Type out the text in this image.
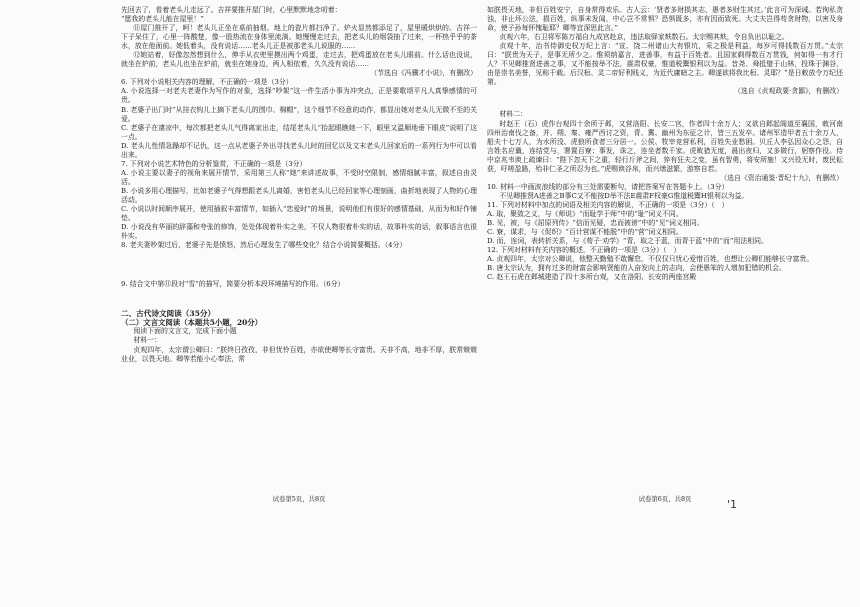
先回去了，看着老头儿走远了。吉祥要推开屋门时，心里默默地念叨着：

“愿我的老头儿能在屋里！”

⑪屋门推开了，呵！老头儿正坐在桌前抽烟。地上的瓷片都扫净了。炉火显然都添足了，屋里暖烘烘的。吉祥一下子呆住了，心里一阵酸楚，像一股热流在身体里流淌。她慢慢走过去，把老头儿的烟袋抽了过来，一杯热乎乎的茶水，放在他面前。她低着头，没有说话……老头儿正是被那老头儿说服的……

⑫她站着，好像忽然想到什么，伸手从衣兜里摸出两个鸡蛋，走过去，把鸡蛋放在老头儿眼前。什么话也没说，就坐在炉前，老头儿也坐在炉前，就坐在她身边，两人相依着，久久没有说话……

（节选自《冯骥才小说》，有删改）

6. 下列对小说相关内容的理解，不正确的一项是（3分）

A. 小说选择一对老夫老妻作为写作的对象，选择“吵架”这一件生活小事为冲突点，正是要歌颂平凡人真挚感情的可贵。

B. 老婆子出门时“从挂衣钩儿上摘下老头儿的围巾、棉帽”，这个细节不经意的动作，都显出她对老头儿无微不至的关爱。

C. 老婆子在凄凉中，每次都把老头儿气得离家出走，结尾老头儿“抬起眼瞧她一下，眼里又温顺地垂下眼皮”说明了这一点。

D. 老头儿性情急躁却不记仇，这一点从老婆子外出寻找老头儿时的回忆以及文末老头儿回家后的一系列行为中可以看出来。

7. 下列对小说艺术特色的分析鉴赏，不正确的一项是（3分）

A. 小说主要以妻子的视角来展开情节，采用第三人称“她”来讲述故事，不受时空限制，感情细腻丰富，叙述自由灵活。

B. 小说多用心理描写，比如老婆子气得想跟老头儿离婚，害怕老头儿已经回家等心理刻画，曲折地表现了人物的心理活动。

C. 小说以时间顺序展开，使用插叙丰富情节，如插入“恋爱时”的场景，说明他们有很好的感情基础，从而为和好作铺垫。

D. 小说没有华丽的辞藻和夸张的修饰，处处体现着朴实之美，不仅人物很着朴实的话，故事朴实的话，叙事语言也很朴实。

8. 老夫妻吵架过后，老婆子先是愤怒，然后心理发生了哪些变化？结合小说简要概括。（4分）

9. 结合文中第⑪段对“雪”的描写，简要分析本段环境描写的作用。（6分）

二、古代诗文阅读（35分）

（二）文言文阅读（本题共5小题，20分）

阅读下面的文言文，完成下面小题

材料一：

贞观四年，太宗谓公卿曰：“朕终日孜孜，非但忧怜百姓，亦欲使卿等长守富贵。天非不高，地非不厚，朕常兢兢业业，以畏天地。卿等若能小心奉法，常

如朕畏天地，非但百姓安宁，自身常得欢乐。古人云：‘贤者多财损其志，愚者多财生其过。’此言可为深诫。若徇私贪浊，非止坏公法，损百姓，纵事未发闻，中心岂不常惧？恐惧既多，亦有因而致死。大丈夫岂得苟贪财物，以害及身命，使子孙每怀愧耻耶？卿等宜深思此言。”

贞观六年，右卫将军陈万福自九成宫赴京，违法取驿家麸数石。太宗赐其麸，令自负出以耻之。

贞观十年，治书侍御史权万纪上言：“宣、饶二州诸山大有银坑，采之极是利益，每岁可得钱数百万贯。”太宗曰：“朕贵为天子，是事无所少之。惟须纳嘉言，进善事，有益于百姓者。且国家剩得数百万贯钱，何如得一有才行人？不见卿推贤进善之事，又不能按举不法，震肃权豪，惟道税鬻银利以为益。昔尧、舜抵璧于山林，投珠于渊谷，由是崇名美誉，见称千载。后汉桓、灵二帝好利贱义，为近代庸暗之主。卿遂欲将我比桓、灵耶？”是日敕放令万纪还第。

（选自《贞观政要·贪鄙》，有删改）

材料二：

时赵王（石）虎作台观四十余所于邺，又营洛阳、长安二宫，作者四十余万人；又欲自邺起阁道至襄国，敕河南四州治南伐之备，并、朔、秦、雍严西讨之资，青、冀、幽州为东征之计，皆三五发卒。诸州军造甲者五十余万人，船夫十七万人，为水所没、虎狼所食者三分居一。公侯、牧宰竞营私利，百姓失业愁困。贝丘人李弘因众心之怨，自言姓名应谶，连结党与，署置百寮；事发，诛之，连坐者数千家。虎畋猎无度，晨出夜归，又多微行，躬察作役。侍中京兆韦谀上疏谏曰：“陛下忽天下之重，轻行斤斧之间，猝有狂夫之变，虽有智勇，将安所施！又兴役无时，废民耘获，吁嗟盈路，殆非仁圣之所忍为也。”虎赐谀谷帛，而兴缮滋繁，游察自若。

（选自《资治通鉴·晋纪十九》，有删改）

10. 材料一中画波浪线的部分有三处需要断句，请把答案写在答题卡上。（3分）

不见卿推贤A进善之B事C又不能按D举不法E震肃F权豪G惟道税鬻H银利以为益。

11. 下列对材料中加点的词语及相关内容的解说，不正确的一项是（3分）（　）

A. 取，聚敛之义，与《师说》“而耻学于师”中的“耻”词义不同。

B. 见，被，与《屈原列传》“信而见疑，忠而被谤”中的“见”词义相同。

C. 寮，谋求，与《促织》“百计营谋不能脱”中的“营”词义相同。

D. 而，连词，表转折关系，与《荀子·劝学》“青，取之于蓝，而青于蓝”中的“而”用法相同。

12. 下列对材料有关内容的概述，不正确的一项是（3分）（　）

A. 贞观四年，太宗对公卿说，他整天勤勉不敢懈怠，不仅仅只忧心爱惜百姓，也想让公卿们能够长守富贵。

B. 唐太宗认为，拥有过多的财富会影响贤能的人奋发向上的志向，会使愚笨的人增加犯错的机会。

C. 赵王石虎在邺城建造了四十多所台观，又在洛阳、长安的两座宫殿

试卷第5页，共8页	试卷第6页，共8页	'1
